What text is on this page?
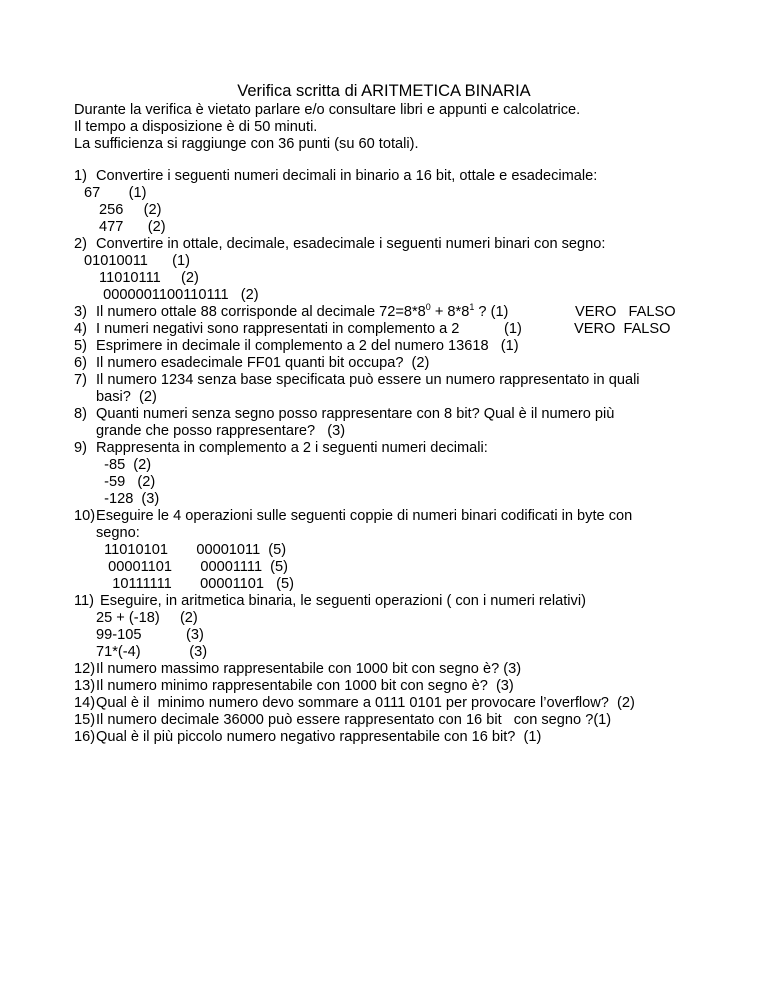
Verifica scritta di ARITMETICA BINARIA
Durante la verifica è vietato parlare e/o consultare libri e appunti e calcolatrice.
Il tempo a disposizione è di 50 minuti.
La sufficienza si raggiunge con 36 punti (su 60 totali).
1) Convertire i seguenti numeri decimali in binario a 16 bit, ottale e esadecimale:
67       (1)
256     (2)
477      (2)
2) Convertire in ottale, decimale, esadecimale i seguenti numeri binari con segno:
01010011      (1)
11010111     (2)
0000001100110111   (2)
3) Il numero ottale 88 corrisponde al decimale $72=8*8^0 + 8*8^1$ ? (1)	VERO   FALSO
4) I numeri negativi sono rappresentati in complemento a 2           (1)	VERO  FALSO
5) Esprimere in decimale il complemento a 2 del numero 13618   (1)
6) Il numero esadecimale FF01 quanti bit occupa?  (2)
7) Il numero 1234 senza base specificata può essere un numero rappresentato in quali
basi?  (2)
8) Quanti numeri senza segno posso rappresentare con 8 bit? Qual è il numero più
grande che posso rappresentare?   (3)
9) Rappresenta in complemento a 2 i seguenti numeri decimali:
-85  (2)
-59   (2)
-128  (3)
10) Eseguire le 4 operazioni sulle seguenti coppie di numeri binari codificati in byte con
segno:
11010101       00001011  (5)
00001101       00001111  (5)
10111111       00001101   (5)
11) Eseguire, in aritmetica binaria, le seguenti operazioni ( con i numeri relativi)
25 + (-18)     (2)
99-105           (3)
71*(-4)            (3)
12) Il numero massimo rappresentabile con 1000 bit con segno è? (3)
13) Il numero minimo rappresentabile con 1000 bit con segno è?  (3)
14) Qual è il  minimo numero devo sommare a 0111 0101 per provocare l’overflow?  (2)
15) Il numero decimale 36000 può essere rappresentato con 16 bit   con segno ?(1)
16) Qual è il più piccolo numero negativo rappresentabile con 16 bit?  (1)
